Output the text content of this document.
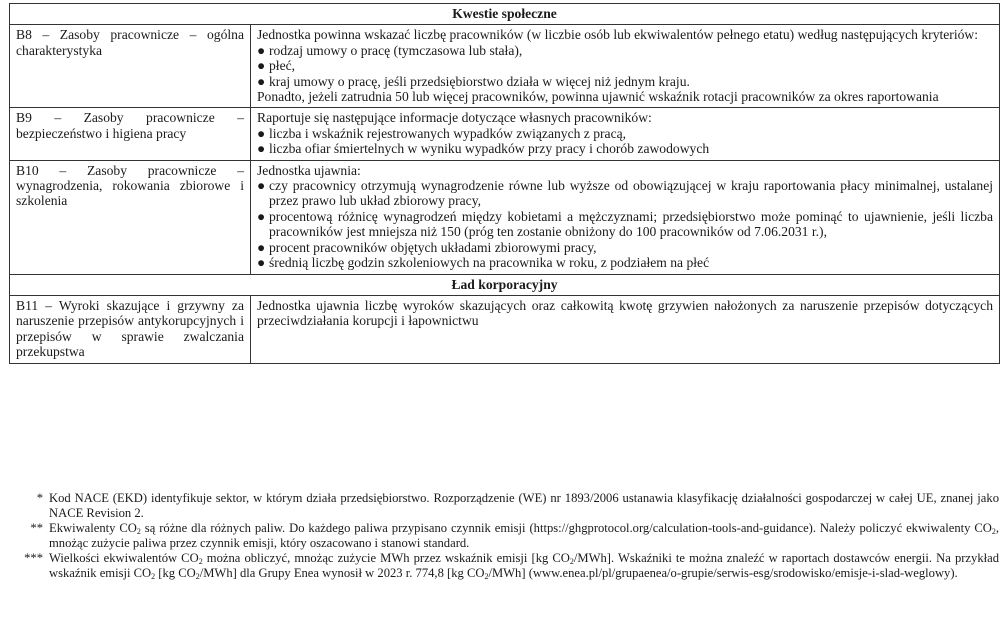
Kwestie społeczne	
B8 – Zasoby pracownicze – ogólna charakterystyka	Jednostka powinna wskazać liczbę pracowników (w liczbie osób lub ekwiwalentów pełnego etatu) według następujących kryteriów:
● rodzaj umowy o pracę (tymczasowa lub stała),
● płeć,
● kraj umowy o pracę, jeśli przedsiębiorstwo działa w więcej niż jednym kraju.
Ponadto, jeżeli zatrudnia 50 lub więcej pracowników, powinna ujawnić wskaźnik rotacji pracowników za okres raportowania

B9 – Zasoby pracownicze – bezpieczeństwo i higiena pracy	Raportuje się następujące informacje dotyczące własnych pracowników:
● liczba i wskaźnik rejestrowanych wypadków związanych z pracą,
● liczba ofiar śmiertelnych w wyniku wypadków przy pracy i chorób zawodowych

B10 – Zasoby pracownicze – wynagrodzenia, rokowania zbiorowe i szkolenia	Jednostka ujawnia:
● czy pracownicy otrzymują wynagrodzenie równe lub wyższe od obowiązującej w kraju raportowania płacy minimalnej, ustalanej przez prawo lub układ zbiorowy pracy,
● procentową różnicę wynagrodzeń między kobietami a mężczyznami; przedsiębiorstwo może pominąć to ujawnienie, jeśli liczba pracowników jest mniejsza niż 150 (próg ten zostanie obniżony do 100 pracowników od 7.06.2031 r.),
● procent pracowników objętych układami zbiorowymi pracy,
● średnią liczbę godzin szkoleniowych na pracownika w roku, z podziałem na płeć

Ład korporacyjny	
B11 – Wyroki skazujące i grzywny za naruszenie przepisów antykorupcyjnych i przepisów w sprawie zwalczania przekupstwa	Jednostka ujawnia liczbę wyroków skazujących oraz całkowitą kwotę grzywien nałożonych za naruszenie przepisów dotyczących przeciwdziałania korupcji i łapownictwu
* Kod NACE (EKD) identyfikuje sektor, w którym działa przedsiębiorstwo. Rozporządzenie (WE) nr 1893/2006 ustanawia klasyfikację działalności gospodarczej w całej UE, znanej jako NACE Revision 2.
** Ekwiwalenty $CO_2$ są różne dla różnych paliw. Do każdego paliwa przypisano czynnik emisji (https://ghgprotocol.org/calculation-tools-and-guidance). Należy policzyć ekwiwalenty $CO_2$, mnożąc zużycie paliwa przez czynnik emisji, który oszacowano i stanowi standard.
*** Wielkości ekwiwalentów $CO_2$ można obliczyć, mnożąc zużycie MWh przez wskaźnik emisji [kg $CO_2/MWh$]. Wskaźniki te można znaleźć w raportach dostawców energii. Na przykład wskaźnik emisji $CO_2$ [kg $CO_2/MWh$] dla Grupy Enea wynosił w 2023 r. 774,8 [kg $CO_2/MWh$] (www.enea.pl/pl/grupaenea/o-grupie/serwis-esg/srodowisko/emisje-i-slad-weglowy).
